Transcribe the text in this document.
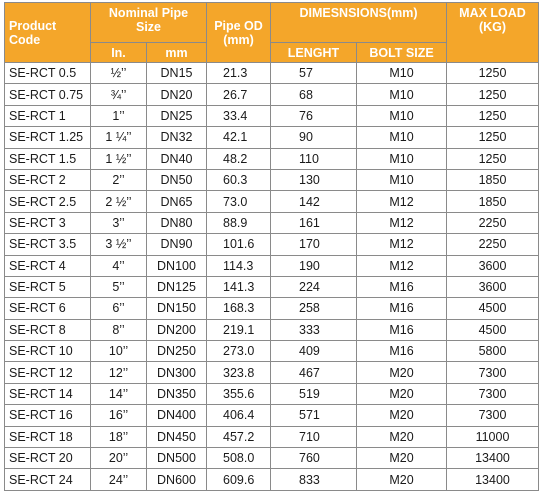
Product Code	Nominal Pipe Size		Pipe OD (mm)	DIMESNSIONS(mm)		MAX LOAD (KG)
	In.	mm		LENGHT	BOLT SIZE	
SE-RCT 0.5	½’’	DN15	21.3	57	M10	1250
SE-RCT 0.75	¾’’	DN20	26.7	68	M10	1250
SE-RCT 1	1’’	DN25	33.4	76	M10	1250
SE-RCT 1.25	1 ¼’’	DN32	42.1	90	M10	1250
SE-RCT 1.5	1 ½’’	DN40	48.2	110	M10	1250
SE-RCT 2	2’’	DN50	60.3	130	M10	1850
SE-RCT 2.5	2 ½’’	DN65	73.0	142	M12	1850
SE-RCT 3	3’’	DN80	88.9	161	M12	2250
SE-RCT 3.5	3 ½’’	DN90	101.6	170	M12	2250
SE-RCT 4	4’’	DN100	114.3	190	M12	3600
SE-RCT 5	5’’	DN125	141.3	224	M16	3600
SE-RCT 6	6’’	DN150	168.3	258	M16	4500
SE-RCT 8	8’’	DN200	219.1	333	M16	4500
SE-RCT 10	10’’	DN250	273.0	409	M16	5800
SE-RCT 12	12’’	DN300	323.8	467	M20	7300
SE-RCT 14	14’’	DN350	355.6	519	M20	7300
SE-RCT 16	16’’	DN400	406.4	571	M20	7300
SE-RCT 18	18’’	DN450	457.2	710	M20	11000
SE-RCT 20	20’’	DN500	508.0	760	M20	13400
SE-RCT 24	24’’	DN600	609.6	833	M20	13400
